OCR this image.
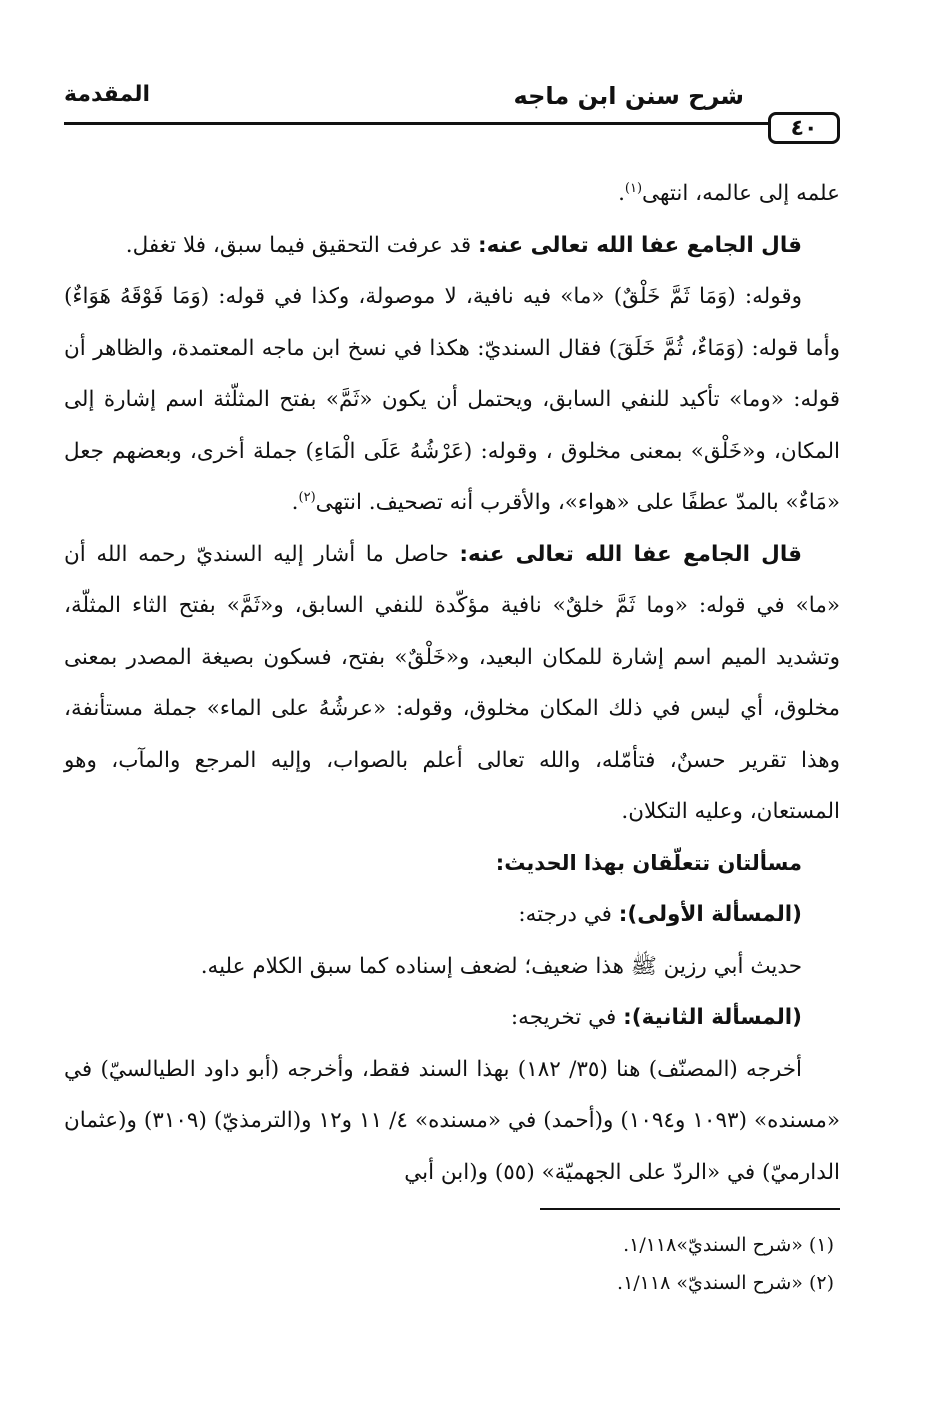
٤٠
شرح سنن ابن ماجه
المقدمة

علمه إلى عالمه، انتهى$^{(١)}$.

قال الجامع عفا الله تعالى عنه: قد عرفت التحقيق فيما سبق، فلا تغفل.

وقوله: (وَمَا ثَمَّ خَلْقٌ) «ما» فيه نافية، لا موصولة، وكذا في قوله: (وَمَا فَوْقَهُ هَوَاءٌ) وأما قوله: (وَمَاءٌ، ثُمَّ خَلَقَ) فقال السنديّ: هكذا في نسخ ابن ماجه المعتمدة، والظاهر أن قوله: «وما» تأكيد للنفي السابق، ويحتمل أن يكون «ثَمَّ» بفتح المثلّثة اسم إشارة إلى المكان، و«خَلْق» بمعنى مخلوق ، وقوله: (عَرْشُهُ عَلَى الْمَاءِ) جملة أخرى، وبعضهم جعل «مَاءٌ» بالمدّ عطفًا على «هواء»، والأقرب أنه تصحيف. انتهى$^{(٢)}$.

قال الجامع عفا الله تعالى عنه: حاصل ما أشار إليه السنديّ رحمه الله أن «ما» في قوله: «وما ثَمَّ خلقٌ» نافية مؤكّدة للنفي السابق، و«ثَمَّ» بفتح الثاء المثلّة، وتشديد الميم اسم إشارة للمكان البعيد، و«خَلْقٌ» بفتح، فسكون بصيغة المصدر بمعنى مخلوق، أي ليس في ذلك المكان مخلوق، وقوله: «عرشُهُ على الماء» جملة مستأنفة، وهذا تقرير حسنٌ، فتأمّله، والله تعالى أعلم بالصواب، وإليه المرجع والمآب، وهو المستعان، وعليه التكلان.

مسألتان تتعلّقان بهذا الحديث:

(المسألة الأولى): في درجته:

حديث أبي رزين ﷺ هذا ضعيف؛ لضعف إسناده كما سبق الكلام عليه.

(المسألة الثانية): في تخريجه:

أخرجه (المصنّف) هنا (٣٥/ ١٨٢) بهذا السند فقط، وأخرجه (أبو داود الطيالسيّ) في «مسنده» (١٠٩٣ و١٠٩٤) و(أحمد) في «مسنده» ٤/ ١١ و١٢ و(الترمذيّ) (٣١٠٩) و(عثمان الدارميّ) في «الردّ على الجهميّة» (٥٥) و(ابن أبي

(١) «شرح السنديّ»١/١١٨.

(٢) «شرح السنديّ» ١/١١٨.
